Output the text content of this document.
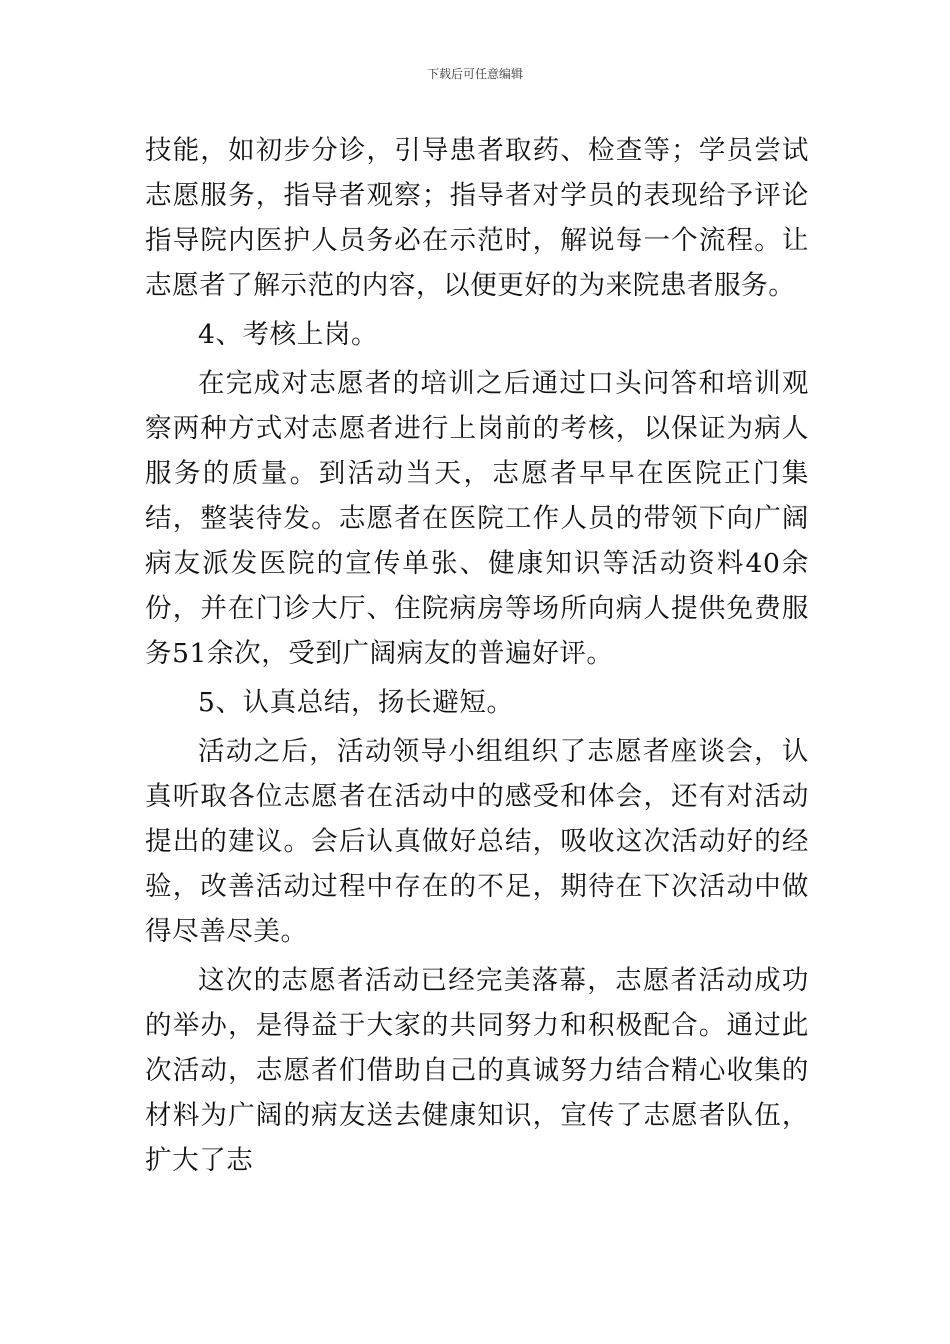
下载后可任意编辑

技能，如初步分诊，引导患者取药、检查等；学员尝试志愿服务，指导者观察；指导者对学员的表现给予评论指导院内医护人员务必在示范时，解说每一个流程。让志愿者了解示范的内容，以便更好的为来院患者服务。

4、考核上岗。

在完成对志愿者的培训之后通过口头问答和培训观察两种方式对志愿者进行上岗前的考核，以保证为病人服务的质量。到活动当天，志愿者早早在医院正门集结，整装待发。志愿者在医院工作人员的带领下向广阔病友派发医院的宣传单张、健康知识等活动资料40余份，并在门诊大厅、住院病房等场所向病人提供免费服务51余次，受到广阔病友的普遍好评。

5、认真总结，扬长避短。

活动之后，活动领导小组组织了志愿者座谈会，认真听取各位志愿者在活动中的感受和体会，还有对活动提出的建议。会后认真做好总结，吸收这次活动好的经验，改善活动过程中存在的不足，期待在下次活动中做得尽善尽美。

这次的志愿者活动已经完美落幕，志愿者活动成功的举办，是得益于大家的共同努力和积极配合。通过此次活动，志愿者们借助自己的真诚努力结合精心收集的材料为广阔的病友送去健康知识，宣传了志愿者队伍，扩大了志
